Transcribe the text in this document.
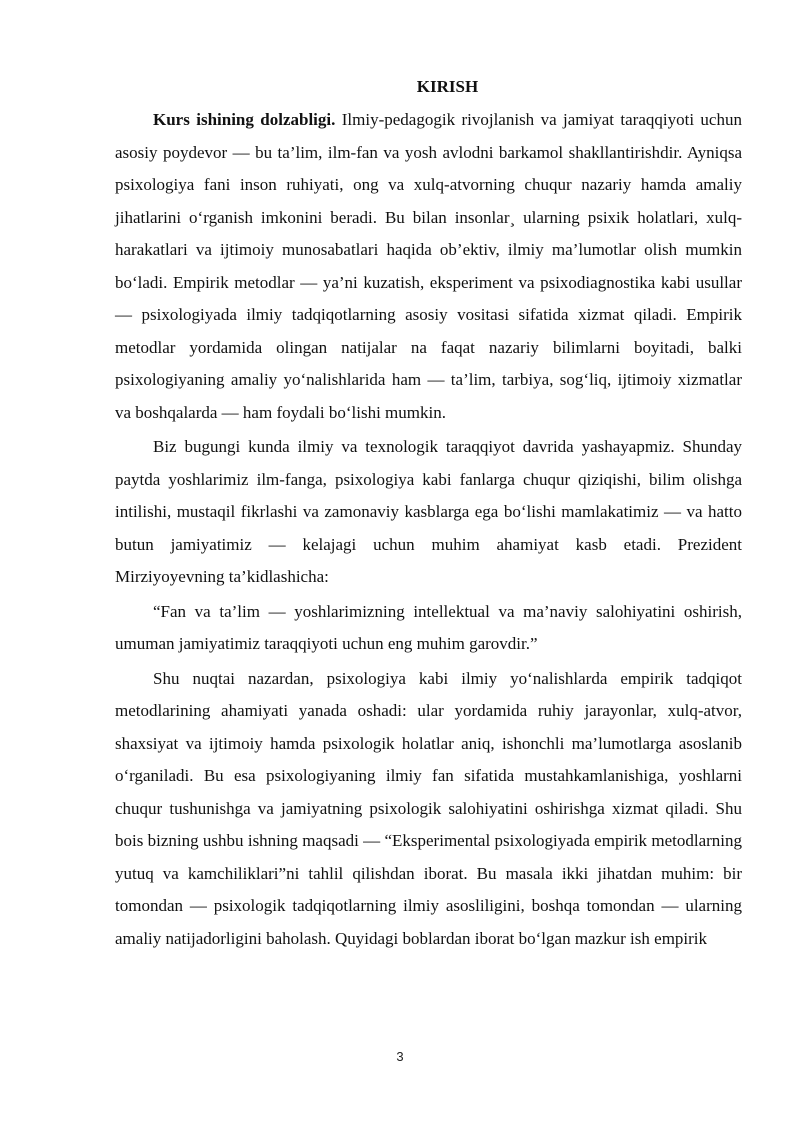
KIRISH

Kurs ishining dolzabligi. Ilmiy-pedagogik rivojlanish va jamiyat taraqqiyoti uchun asosiy poydevor — bu ta’lim, ilm-fan va yosh avlodni barkamol shakllantirishdir. Ayniqsa psixologiya fani inson ruhiyati, ong va xulq-atvorning chuqur nazariy hamda amaliy jihatlarini o‘rganish imkonini beradi. Bu bilan insonlar¸ ularning psixik holatlari, xulq-harakatlari va ijtimoiy munosabatlari haqida ob’ektiv, ilmiy ma’lumotlar olish mumkin bo‘ladi. Empirik metodlar — ya’ni kuzatish, eksperiment va psixodiagnostika kabi usullar — psixologiyada ilmiy tadqiqotlarning asosiy vositasi sifatida xizmat qiladi. Empirik metodlar yordamida olingan natijalar na faqat nazariy bilimlarni boyitadi, balki psixologiyaning amaliy yo‘nalishlarida ham — ta’lim, tarbiya, sog‘liq, ijtimoiy xizmatlar va boshqalarda — ham foydali bo‘lishi mumkin.

Biz bugungi kunda ilmiy va texnologik taraqqiyot davrida yashayapmiz. Shunday paytda yoshlarimiz ilm-fanga, psixologiya kabi fanlarga chuqur qiziqishi, bilim olishga intilishi, mustaqil fikrlashi va zamonaviy kasblarga ega bo‘lishi mamlakatimiz — va hatto butun jamiyatimiz — kelajagi uchun muhim ahamiyat kasb etadi. Prezident Mirziyoyevning ta’kidlashicha:

“Fan va ta’lim — yoshlarimizning intellektual va ma’naviy salohiyatini oshirish, umuman jamiyatimiz taraqqiyoti uchun eng muhim garovdir.”

Shu nuqtai nazardan, psixologiya kabi ilmiy yo‘nalishlarda empirik tadqiqot metodlarining ahamiyati yanada oshadi: ular yordamida ruhiy jarayonlar, xulq-atvor, shaxsiyat va ijtimoiy hamda psixologik holatlar aniq, ishonchli ma’lumotlarga asoslanib o‘rganiladi. Bu esa psixologiyaning ilmiy fan sifatida mustahkamlanishiga, yoshlarni chuqur tushunishga va jamiyatning psixologik salohiyatini oshirishga xizmat qiladi. Shu bois bizning ushbu ishning maqsadi — “Eksperimental psixologiyada empirik metodlarning yutuq va kamchiliklari”ni tahlil qilishdan iborat. Bu masala ikki jihatdan muhim: bir tomondan — psixologik tadqiqotlarning ilmiy asosliligini, boshqa tomondan — ularning amaliy natijadorligini baholash. Quyidagi boblardan iborat bo‘lgan mazkur ish empirik

3
